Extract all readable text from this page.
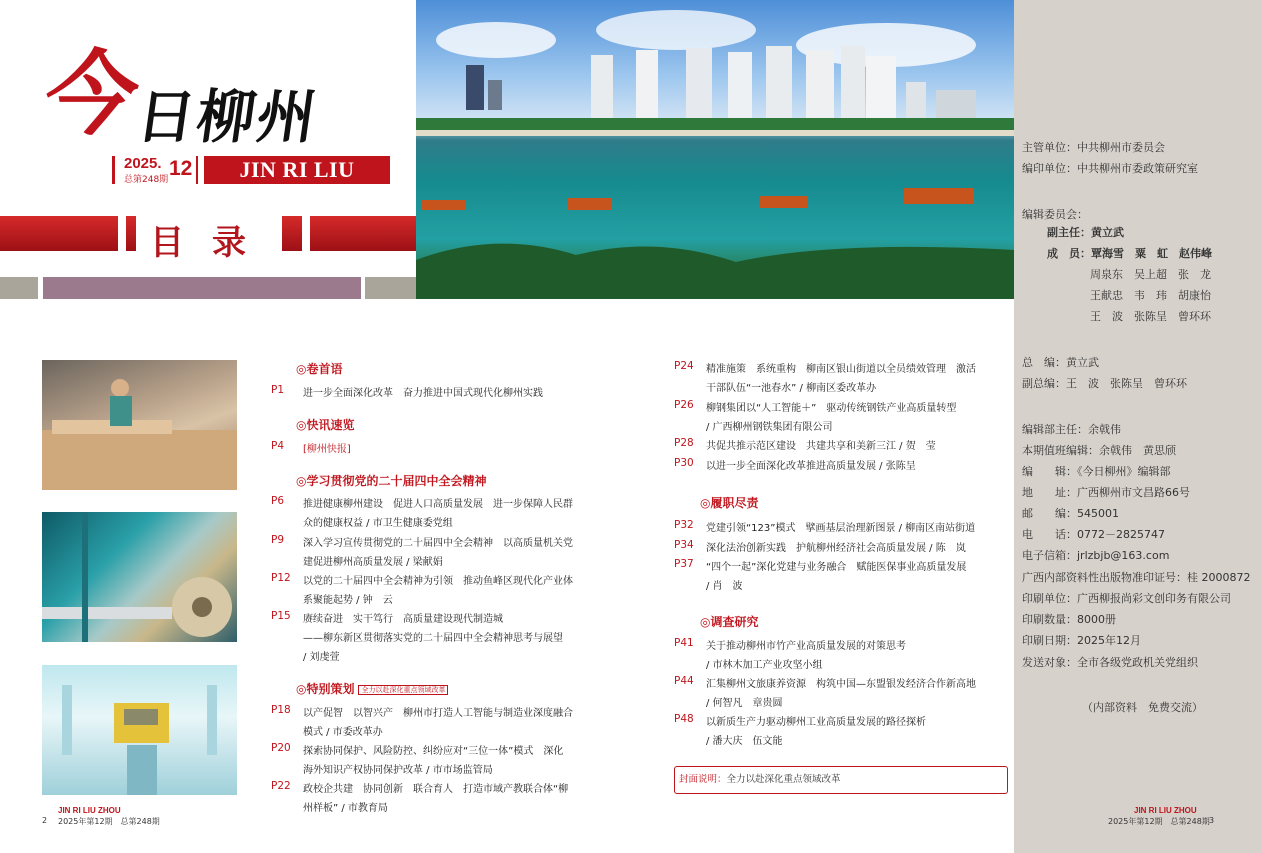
今
日柳州
2025.
总第248期 12	JIN RI LIU ZHOU
目录
主管单位：中共柳州市委员会
编印单位：中共柳州市委政策研究室
编辑委员会：
副主任：黄立武
成　员：覃海雪　粟　虹　赵伟峰
周泉东　吴上超　张　龙
王献忠　韦　玮　胡康怡
王　波　张陈呈　曾环环
总　编：黄立武
副总编：王　波　张陈呈　曾环环
编辑部主任：余戟伟
本期值班编辑：余戟伟　黄思颀
编　　辑：《今日柳州》编辑部
地　　址：广西柳州市文昌路66号
邮　　编：545001
电　　话：0772－2825747
电子信箱：jrlzbjb@163.com
广西内部资料性出版物准印证号：桂 2000872
印刷单位：广西柳报尚彩文创印务有限公司
印刷数量：8000册
印刷日期：2025年12月
发送对象：全市各级党政机关党组织
（内部资料　免费交流）
◎卷首语
P1 进一步全面深化改革　奋力推进中国式现代化柳州实践
◎快讯速览
P4 [柳州快报]
◎学习贯彻党的二十届四中全会精神
P6 推进健康柳州建设　促进人口高质量发展　进一步保障人民群
众的健康权益 / 市卫生健康委党组
P9 深入学习宣传贯彻党的二十届四中全会精神　以高质量机关党
建促进柳州高质量发展 / 梁献娟
P12 以党的二十届四中全会精神为引领　推动鱼峰区现代化产业体
系聚能起势 / 钟　云
P15 赓续奋进　实干笃行　高质量建设现代制造城
——柳东新区贯彻落实党的二十届四中全会精神思考与展望
/ 刘虔萱
◎特别策划 全力以赴深化重点领域改革
P18 以产促智　以智兴产　柳州市打造人工智能与制造业深度融合
模式 / 市委改革办
P20 探索协同保护、风险防控、纠纷应对“三位一体”模式　深化
海外知识产权协同保护改革 / 市市场监管局
P22 政校企共建　协同创新　联合育人　打造市域产教联合体“柳
州样板” / 市教育局
P24 精准施策　系统重构　柳南区银山街道以全员绩效管理　激活
干部队伍“一池春水” / 柳南区委改革办
P26 柳钢集团以“人工智能＋”　驱动传统钢铁产业高质量转型
/ 广西柳州钢铁集团有限公司
P28 共促共推示范区建设　共建共享和美新三江 / 贺　莹
P30 以进一步全面深化改革推进高质量发展 / 张陈呈
◎履职尽责
P32 党建引领“123”模式　擘画基层治理新图景 / 柳南区南站街道
P34 深化法治创新实践　护航柳州经济社会高质量发展 / 陈　岚
P37 “四个一起”深化党建与业务融合　赋能医保事业高质量发展
/ 肖　波
◎调查研究
P41 关于推动柳州市竹产业高质量发展的对策思考
/ 市林木加工产业攻坚小组
P44 汇集柳州文旅康养资源　构筑中国—东盟银发经济合作新高地
/ 何智凡　章贵圆
P48 以新质生产力驱动柳州工业高质量发展的路径探析
/ 潘大庆　伍文能
封面说明：全力以赴深化重点领域改革
JIN RI LIU ZHOU
2 2025年第12期　总第248期
JIN RI LIU ZHOU
2025年第12期　总第248期 3
